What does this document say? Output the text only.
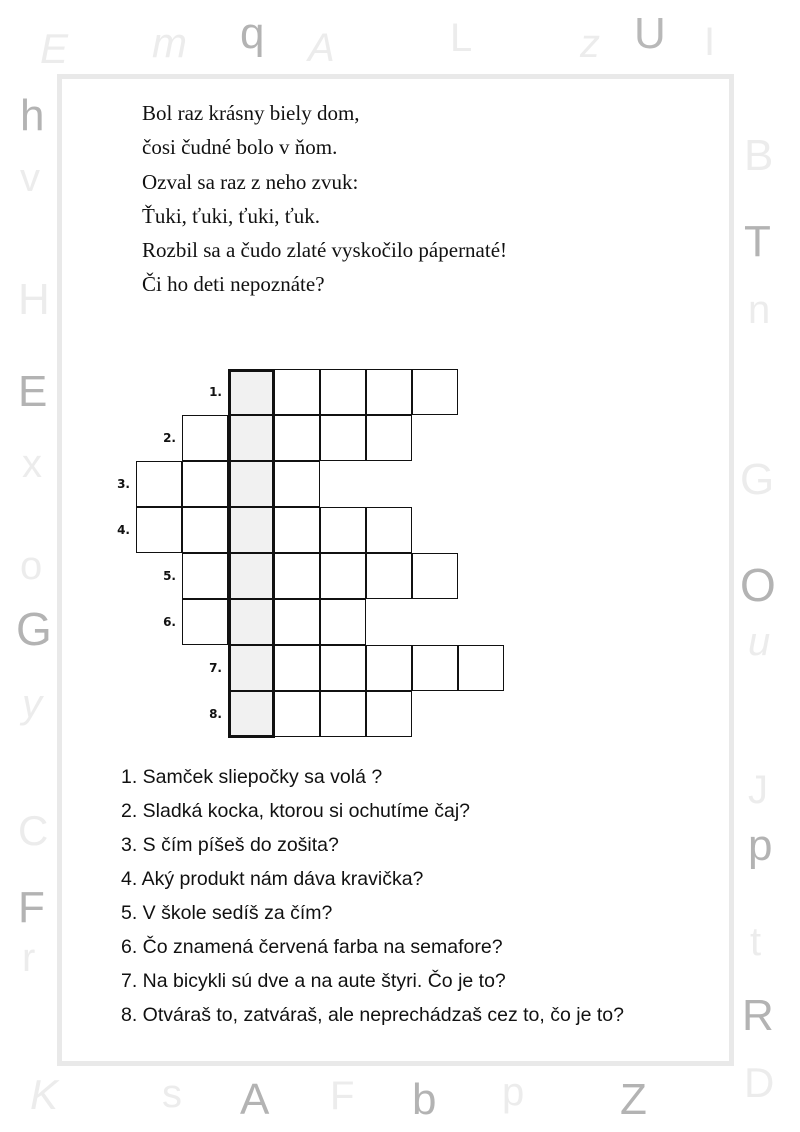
E m q A	L	z U I
h
v
H
E
x
o
G
y
C
F
r
B
T
n
G
O
u
J
p
t
R
D
K	s A F b p Z
Bol raz krásny biely dom,
čosi čudné bolo v ňom.
Ozval sa raz z neho zvuk:
Ťuki, ťuki, ťuki, ťuk.
Rozbil sa a čudo zlaté vyskočilo pápernaté!
Či ho deti nepoznáte?
1.
2.
3.
4.
5.
6.
7.
8.
1. Samček sliepočky sa volá ?
2. Sladká kocka, ktorou si ochutíme čaj?
3. S čím píšeš do zošita?
4. Aký produkt nám dáva kravička?
5. V škole sedíš za čím?
6. Čo znamená červená farba na semafore?
7. Na bicykli sú dve a na aute štyri. Čo je to?
8. Otváraš to, zatváraš, ale neprechádzaš cez to, čo je to?
